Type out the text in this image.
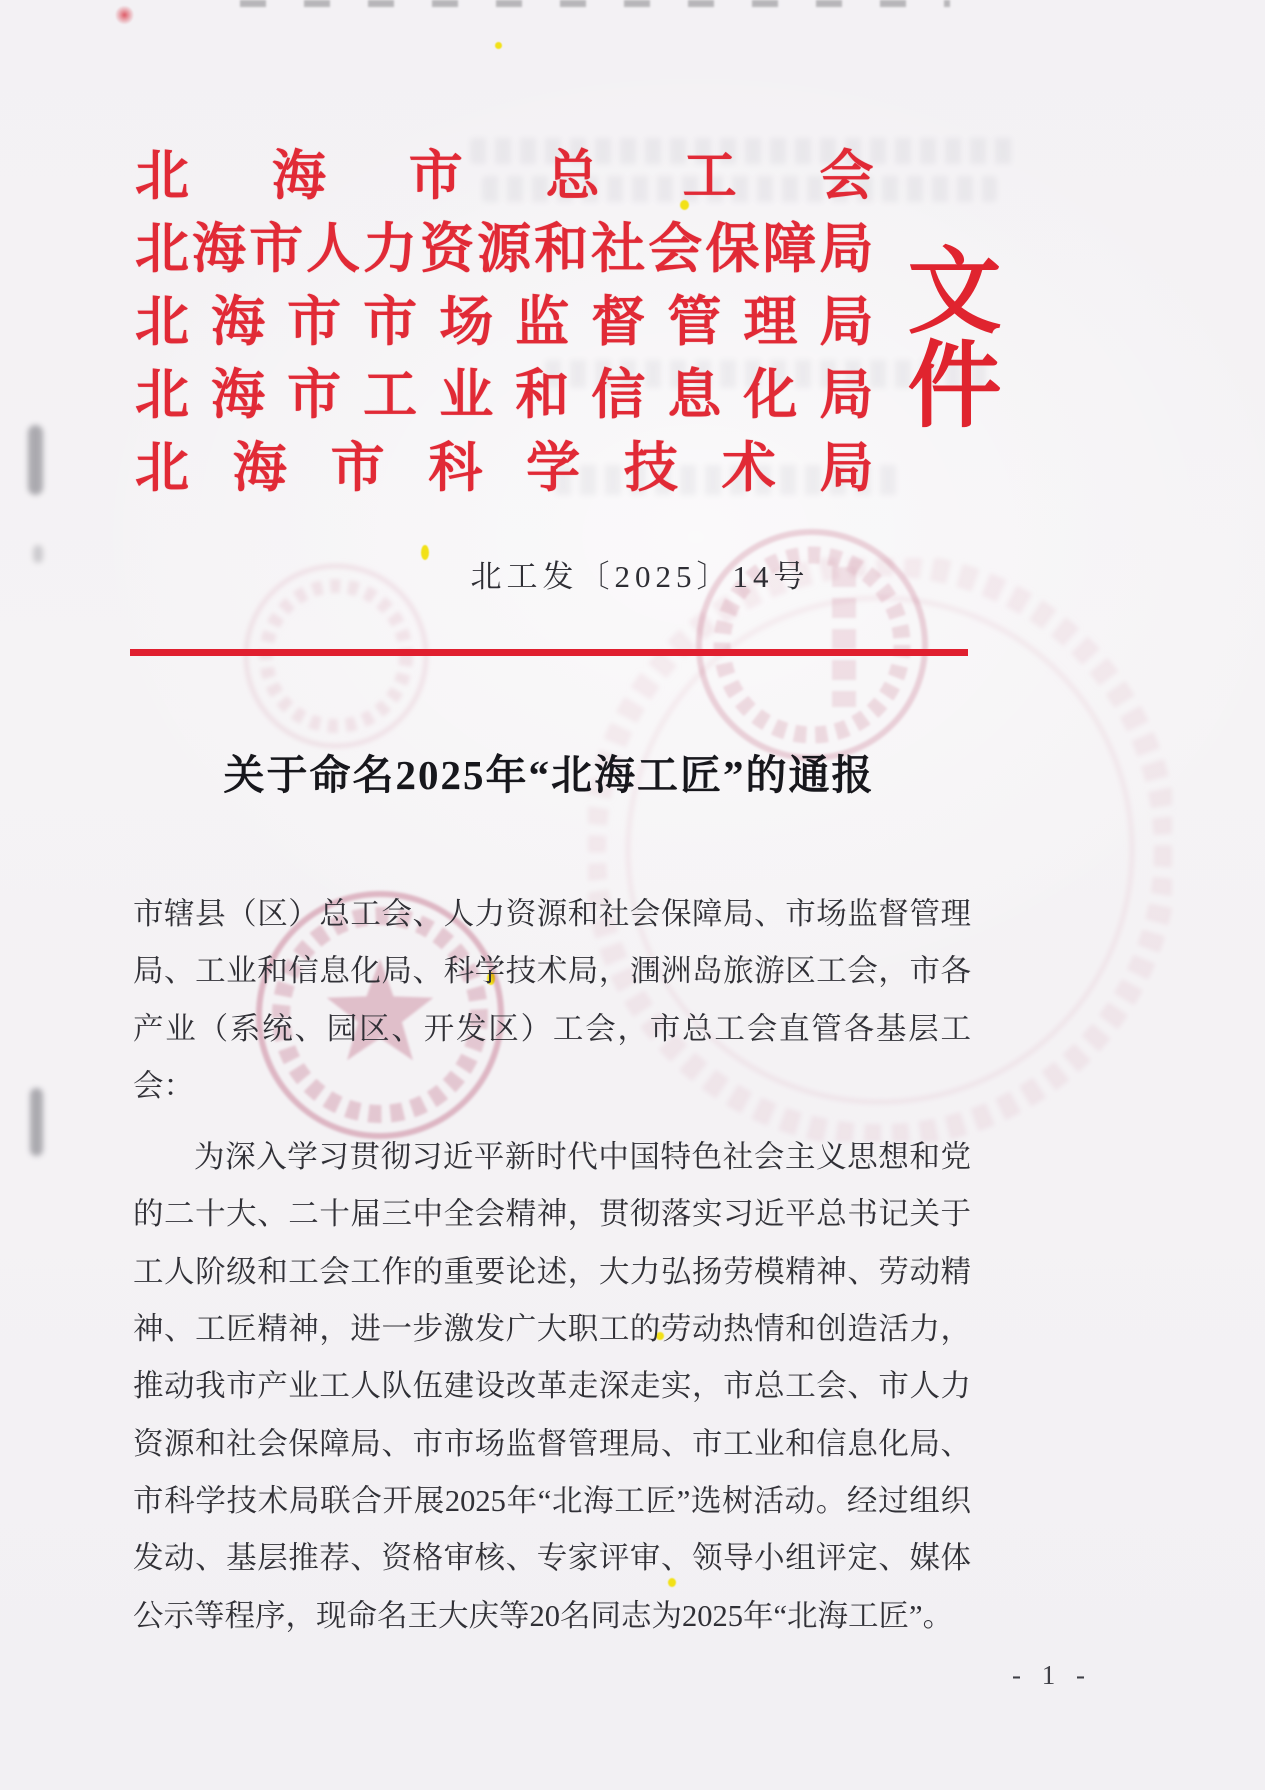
北 海 市 总 工 会
北 海 市 人 力 资 源 和 社 会 保 障 局
北 海 市 市 场 监 督 管 理 局
北 海 市 工 业 和 信 息 化 局
北 海 市 科 学 技 术 局
文件
北工发〔2025〕14号
关于命名2025年“北海工匠”的通报

市辖县（区）总工会、人力资源和社会保障局、市场监督管理局、工业和信息化局、科学技术局，涠洲岛旅游区工会，市各产业（系统、园区、开发区）工会，市总工会直管各基层工会：

为深入学习贯彻习近平新时代中国特色社会主义思想和党的二十大、二十届三中全会精神，贯彻落实习近平总书记关于工人阶级和工会工作的重要论述，大力弘扬劳模精神、劳动精神、工匠精神，进一步激发广大职工的劳动热情和创造活力，推动我市产业工人队伍建设改革走深走实，市总工会、市人力资源和社会保障局、市市场监督管理局、市工业和信息化局、市科学技术局联合开展2025年“北海工匠”选树活动。经过组织发动、基层推荐、资格审核、专家评审、领导小组评定、媒体公示等程序，现命名王大庆等20名同志为2025年“北海工匠”。

- 1 -
